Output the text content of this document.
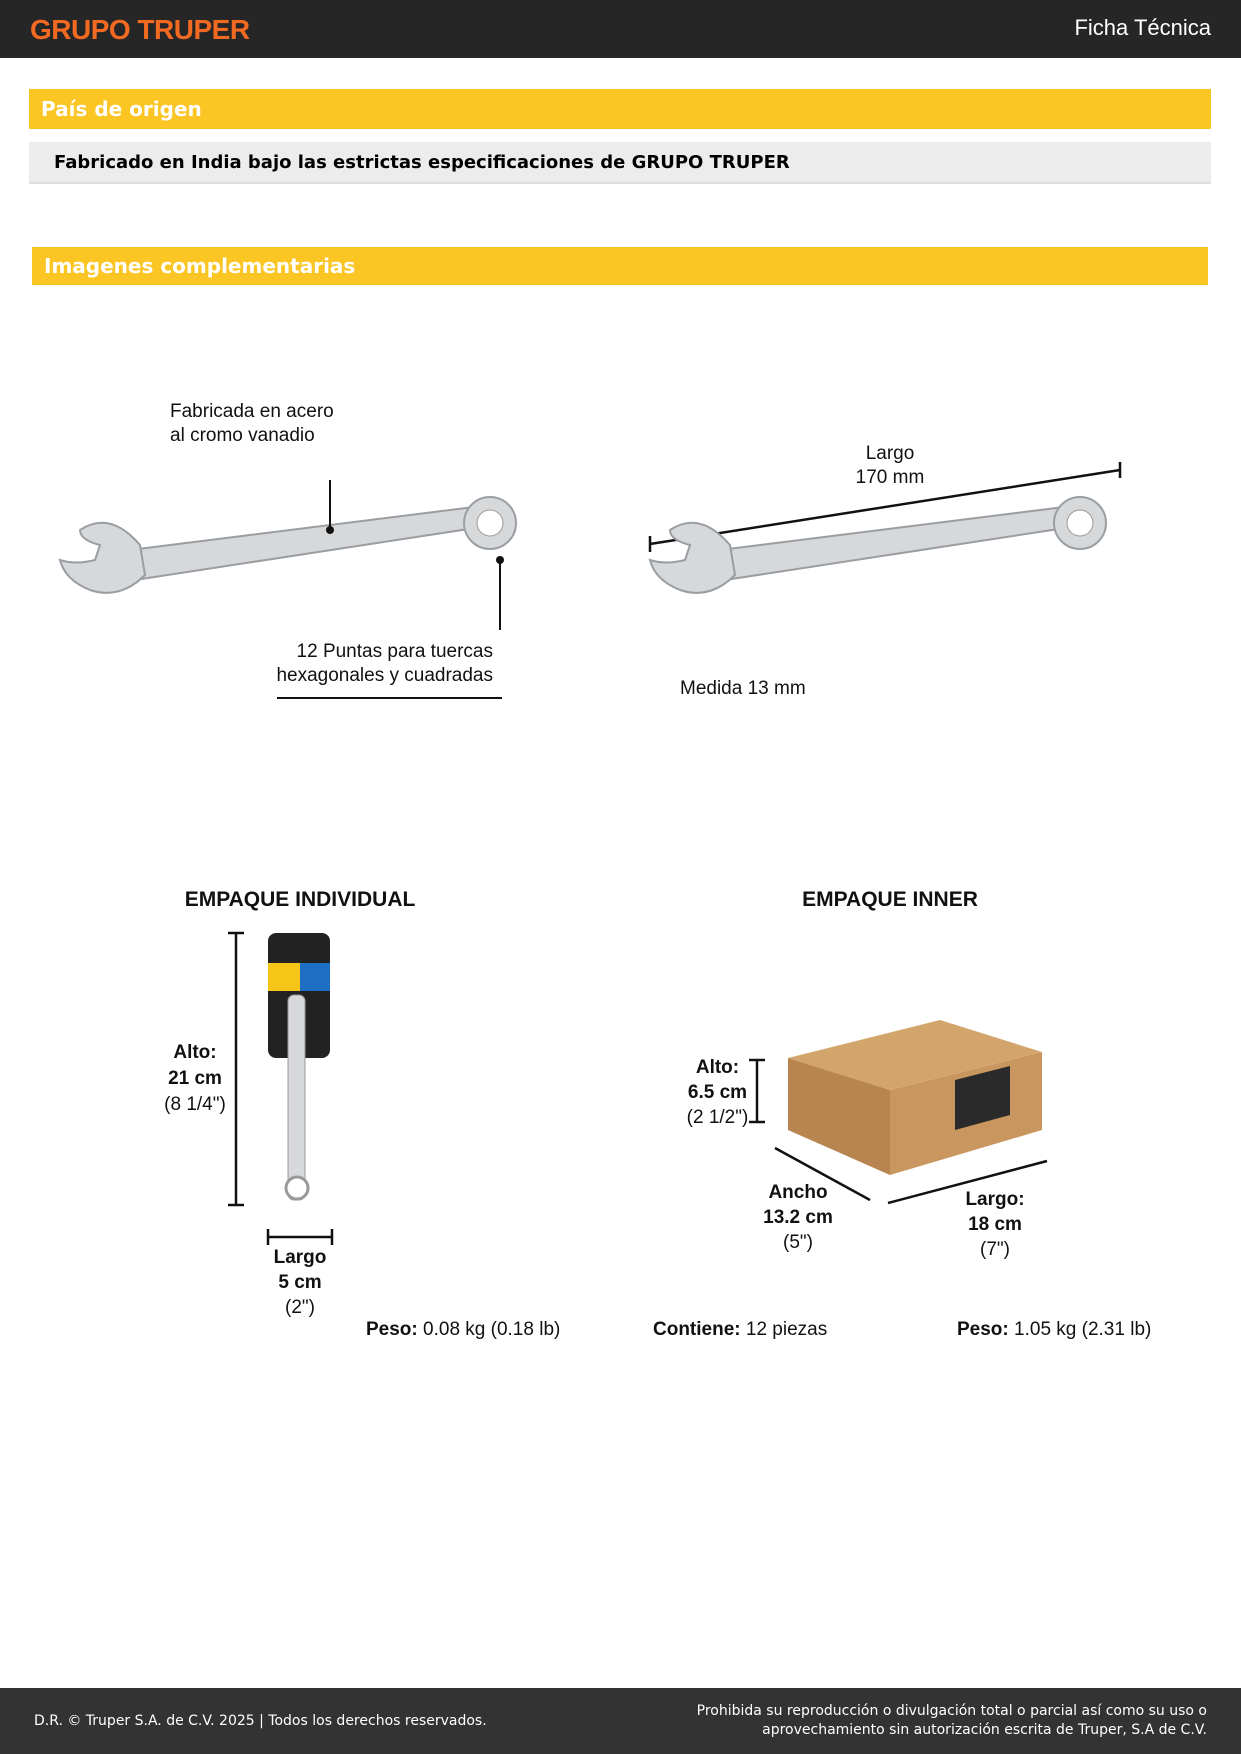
GRUPO TRUPER	Ficha Técnica
País de origen
Fabricado en India bajo las estrictas especificaciones de GRUPO TRUPER
Imagenes complementarias
Fabricada en acero
al cromo vanadio
12 Puntas para tuercas
hexagonales y cuadradas
Largo
170 mm
Medida 13 mm
EMPAQUE INDIVIDUAL
Alto:
21 cm
(8 1/4")
Largo
5 cm
(2")
Peso: 0.08 kg (0.18 lb)
EMPAQUE INNER
Alto:
6.5 cm
(2 1/2")
Ancho
13.2 cm
(5")
Largo:
18 cm
(7")
Contiene: 12 piezas	Peso: 1.05 kg (2.31 lb)
D.R. © Truper S.A. de C.V. 2025 | Todos los derechos reservados.
Prohibida su reproducción o divulgación total o parcial así como su uso o
aprovechamiento sin autorización escrita de Truper, S.A de C.V.
